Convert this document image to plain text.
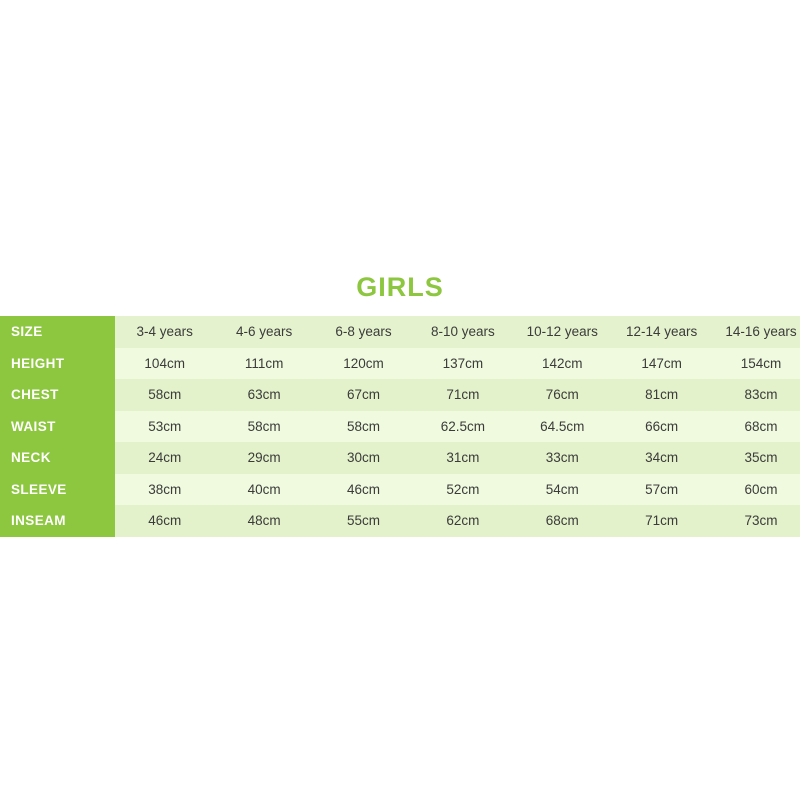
GIRLS
SIZE	3-4 years	4-6 years	6-8 years	8-10 years	10-12 years	12-14 years	14-16 years
HEIGHT	104cm	111cm	120cm	137cm	142cm	147cm	154cm
CHEST	58cm	63cm	67cm	71cm	76cm	81cm	83cm
WAIST	53cm	58cm	58cm	62.5cm	64.5cm	66cm	68cm
NECK	24cm	29cm	30cm	31cm	33cm	34cm	35cm
SLEEVE	38cm	40cm	46cm	52cm	54cm	57cm	60cm
INSEAM	46cm	48cm	55cm	62cm	68cm	71cm	73cm
